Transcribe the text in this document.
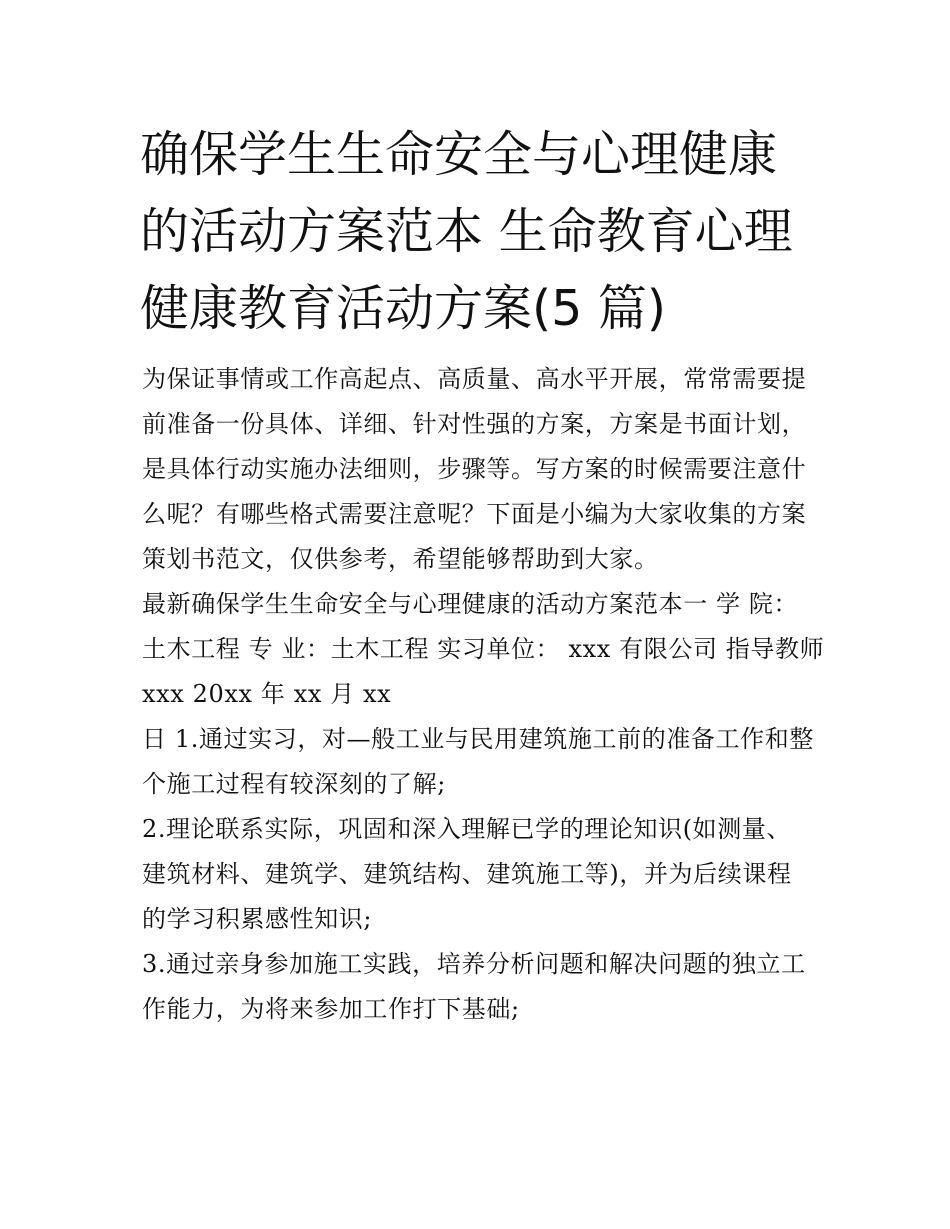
确保学生生命安全与心理健康
的活动方案范本 生命教育心理
健康教育活动方案(5 篇)
为保证事情或工作高起点、高质量、高水平开展，常常需要提
前准备一份具体、详细、针对性强的方案，方案是书面计划，
是具体行动实施办法细则，步骤等。写方案的时候需要注意什
么呢？有哪些格式需要注意呢？下面是小编为大家收集的方案
策划书范文，仅供参考，希望能够帮助到大家。
最新确保学生生命安全与心理健康的活动方案范本一 学 院：
土木工程 专 业：土木工程 实习单位： xxx 有限公司 指导教师
xxx 20xx 年 xx 月 xx
日 1.通过实习，对—般工业与民用建筑施工前的准备工作和整
个施工过程有较深刻的了解;
2.理论联系实际，巩固和深入理解已学的理论知识(如测量、
建筑材料、建筑学、建筑结构、建筑施工等)，并为后续课程
的学习积累感性知识;
3.通过亲身参加施工实践，培养分析问题和解决问题的独立工
作能力，为将来参加工作打下基础;
